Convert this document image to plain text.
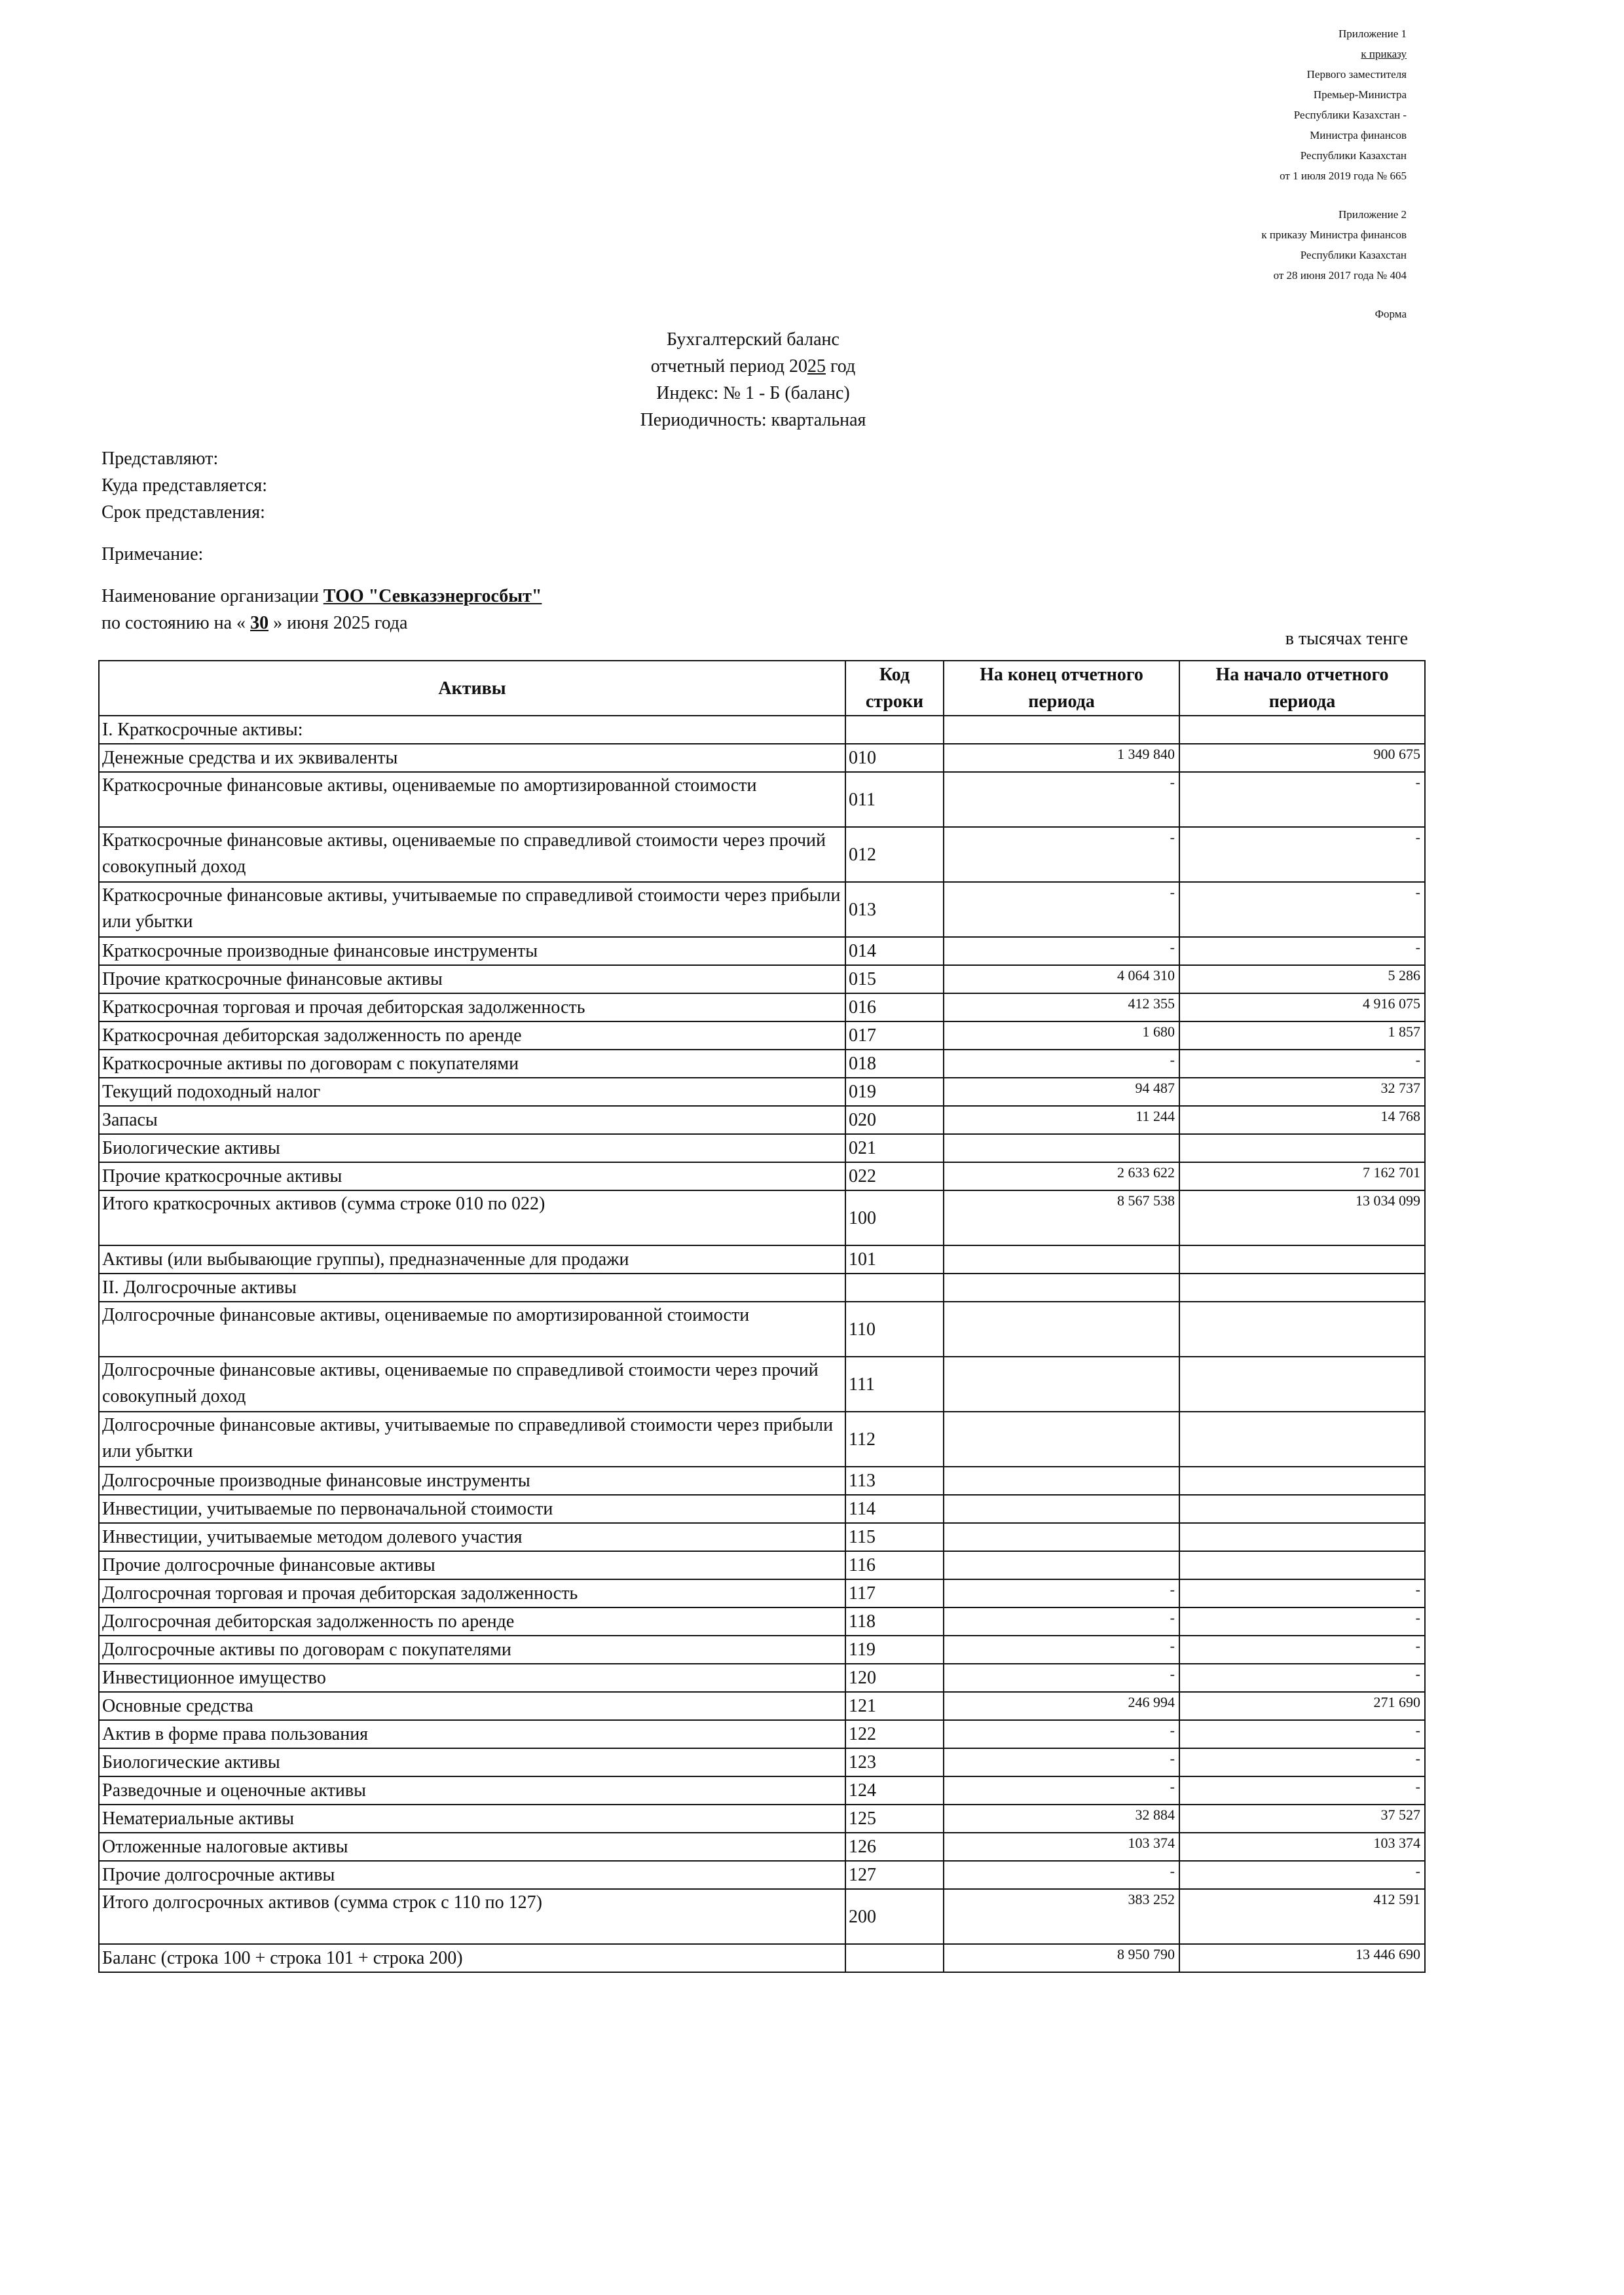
Приложение 1
к приказу
Первого заместителя
Премьер-Министра
Республики Казахстан -
Министра финансов
Республики Казахстан
от 1 июля 2019 года № 665
Приложение 2
к приказу Министра финансов
Республики Казахстан
от 28 июня 2017 года № 404
Форма
Бухгалтерский баланс
отчетный период 2025 год
Индекс: № 1 - Б (баланс)
Периодичность: квартальная
Представляют:
Куда представляется:
Срок представления:
Примечание:
Наименование организации ТОО "Севказэнергосбыт"
по состоянию на « 30 » июня 2025 года
в тысячах тенге
Активы	Код строки	На конец отчетного периода	На начало отчетного периода
I. Краткосрочные активы:			
Денежные средства и их эквиваленты	010	1 349 840	900 675
Краткосрочные финансовые активы, оцениваемые по амортизированной стоимости	011	-	-
Краткосрочные финансовые активы, оцениваемые по справедливой стоимости через прочий совокупный доход	012	-	-
Краткосрочные финансовые активы, учитываемые по справедливой стоимости через прибыли или убытки	013	-	-
Краткосрочные производные финансовые инструменты	014	-	-
Прочие краткосрочные финансовые активы	015	4 064 310	5 286
Краткосрочная торговая и прочая дебиторская задолженность	016	412 355	4 916 075
Краткосрочная дебиторская задолженность по аренде	017	1 680	1 857
Краткосрочные активы по договорам с покупателями	018	-	-
Текущий подоходный налог	019	94 487	32 737
Запасы	020	11 244	14 768
Биологические активы	021		
Прочие краткосрочные активы	022	2 633 622	7 162 701
Итого краткосрочных активов (сумма строке 010 по 022)	100	8 567 538	13 034 099
Активы (или выбывающие группы), предназначенные для продажи	101		
II. Долгосрочные активы			
Долгосрочные финансовые активы, оцениваемые по амортизированной стоимости	110		
Долгосрочные финансовые активы, оцениваемые по справедливой стоимости через прочий совокупный доход	111		
Долгосрочные финансовые активы, учитываемые по справедливой стоимости через прибыли или убытки	112		
Долгосрочные производные финансовые инструменты	113		
Инвестиции, учитываемые по первоначальной стоимости	114		
Инвестиции, учитываемые методом долевого участия	115		
Прочие долгосрочные финансовые активы	116		
Долгосрочная торговая и прочая дебиторская задолженность	117	-	-
Долгосрочная дебиторская задолженность по аренде	118	-	-
Долгосрочные активы по договорам с покупателями	119	-	-
Инвестиционное имущество	120	-	-
Основные средства	121	246 994	271 690
Актив в форме права пользования	122	-	-
Биологические активы	123	-	-
Разведочные и оценочные активы	124	-	-
Нематериальные активы	125	32 884	37 527
Отложенные налоговые активы	126	103 374	103 374
Прочие долгосрочные активы	127	-	-
Итого долгосрочных активов (сумма строк с 110 по 127)	200	383 252	412 591
Баланс (строка 100 + строка 101 + строка 200)		8 950 790	13 446 690
